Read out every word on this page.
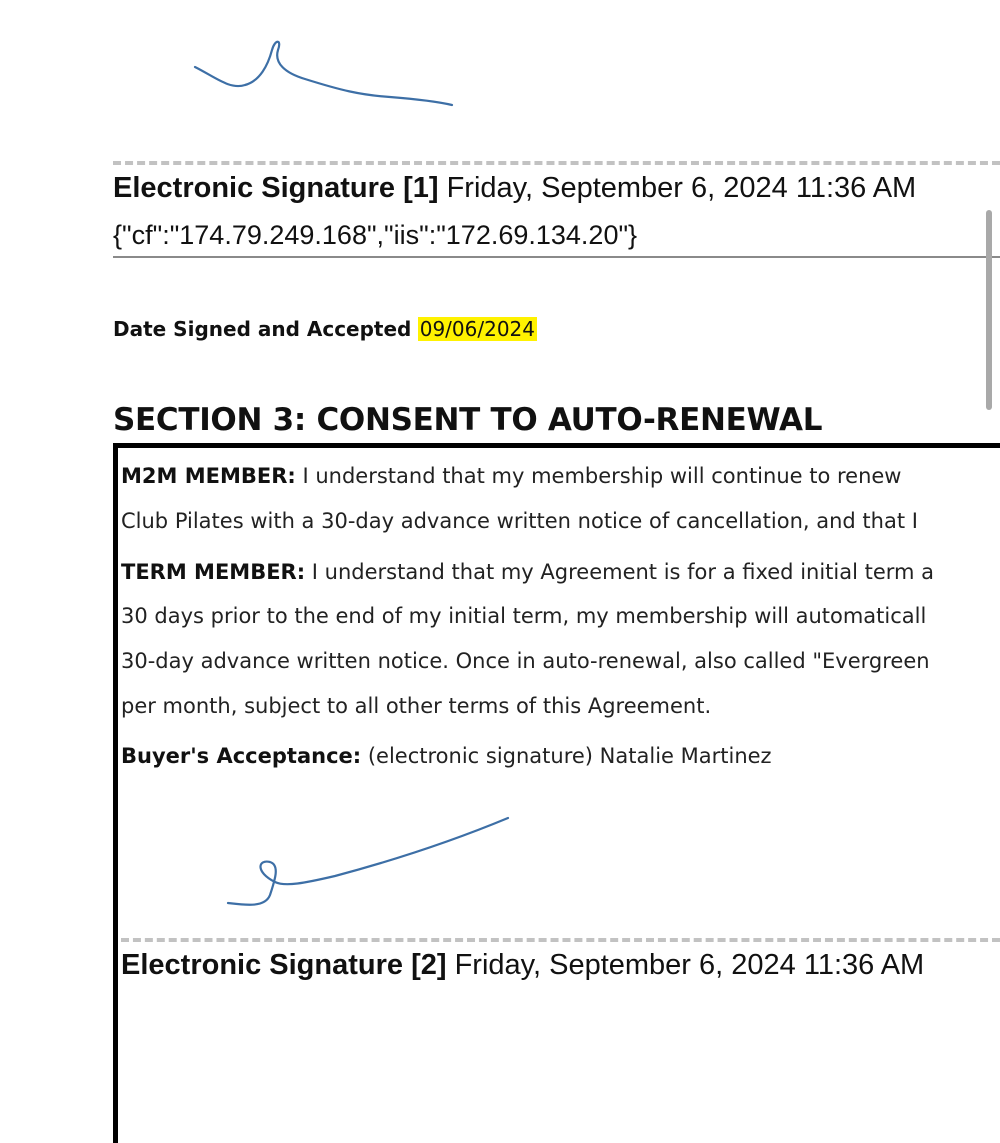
Electronic Signature [1] Friday, September 6, 2024 11:36 AM
{"cf":"174.79.249.168","iis":"172.69.134.20"}
Date Signed and Accepted 09/06/2024
SECTION 3: CONSENT TO AUTO-RENEWAL
M2M MEMBER: I understand that my membership will continue to renew
Club Pilates with a 30-day advance written notice of cancellation, and that I
TERM MEMBER: I understand that my Agreement is for a fixed initial term a
30 days prior to the end of my initial term, my membership will automaticall
30-day advance written notice. Once in auto-renewal, also called "Evergreen
per month, subject to all other terms of this Agreement.
Buyer's Acceptance: (electronic signature) Natalie Martinez
Electronic Signature [2] Friday, September 6, 2024 11:36 AM
